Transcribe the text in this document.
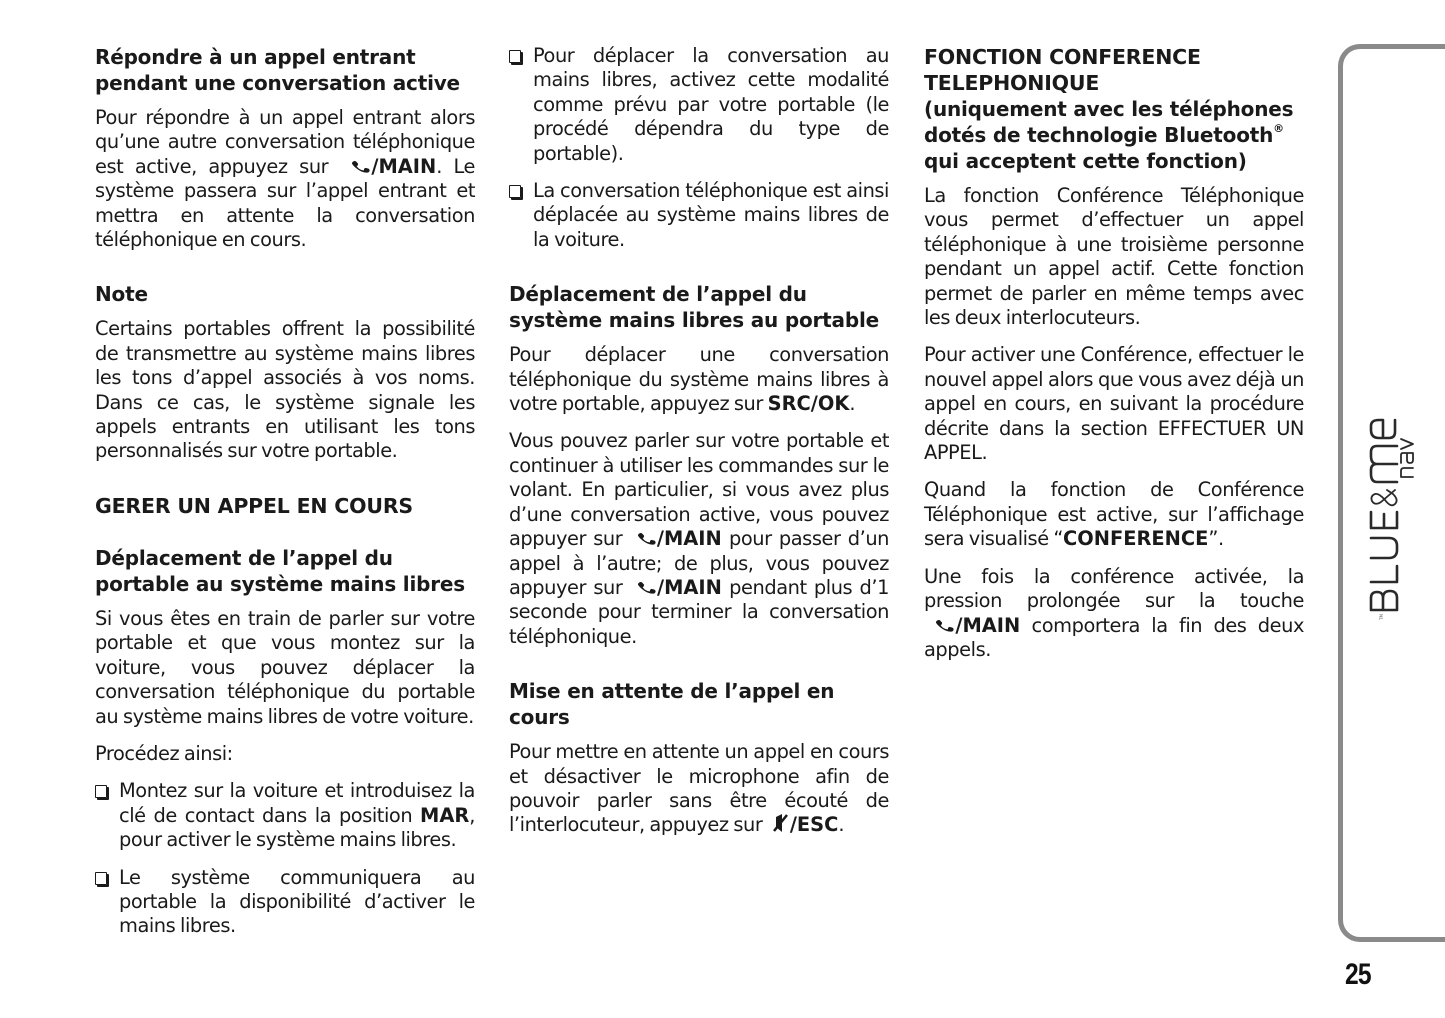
Répondre à un appel entrant pendant une conversation active
Pour répondre à un appel entrant alors qu’une autre conversation téléphonique est active, appuyez sur /MAIN. Le système passera sur l’appel entrant et mettra en attente la conversation téléphonique en cours.
Note
Certains portables offrent la possibilité de transmettre au système mains libres les tons d’appel associés à vos noms. Dans ce cas, le système signale les appels entrants en utilisant les tons personnalisés sur votre portable.
GERER UN APPEL EN COURS
Déplacement de l’appel du portable au système mains libres
Si vous êtes en train de parler sur votre portable et que vous montez sur la voiture, vous pouvez déplacer la conversation téléphonique du portable au système mains libres de votre voiture.
Procédez ainsi:
Montez sur la voiture et introduisez la clé de contact dans la position MAR, pour activer le système mains libres.
Le système communiquera au portable la disponibilité d’activer le mains libres.
Pour déplacer la conversation au mains libres, activez cette modalité comme prévu par votre portable (le procédé dépendra du type de portable).
La conversation téléphonique est ainsi déplacée au système mains libres de la voiture.
Déplacement de l’appel du système mains libres au portable
Pour déplacer une conversation téléphonique du système mains libres à votre portable, appuyez sur SRC/OK.
Vous pouvez parler sur votre portable et continuer à utiliser les commandes sur le volant. En particulier, si vous avez plus d’une conversation active, vous pouvez appuyer sur /MAIN pour passer d’un appel à l’autre; de plus, vous pouvez appuyer sur /MAIN pendant plus d’1 seconde pour terminer la conversation téléphonique.
Mise en attente de l’appel en cours
Pour mettre en attente un appel en cours et désactiver le microphone afin de pouvoir parler sans être écouté de l’interlocuteur, appuyez sur /ESC.
FONCTION CONFERENCE TELEPHONIQUE
(uniquement avec les téléphones dotés de technologie Bluetooth® qui acceptent cette fonction)
La fonction Conférence Téléphonique vous permet d’effectuer un appel téléphonique à une troisième personne pendant un appel actif. Cette fonction permet de parler en même temps avec les deux interlocuteurs.
Pour activer une Conférence, effectuer le nouvel appel alors que vous avez déjà un appel en cours, en suivant la procédure décrite dans la section EFFECTUER UN APPEL.
Quand la fonction de Conférence Téléphonique est active, sur l’affichage sera visualisé “CONFERENCE”.
Une fois la conférence activée, la pression prolongée sur la touche  /MAIN comportera la fin des deux appels.
TM
25
